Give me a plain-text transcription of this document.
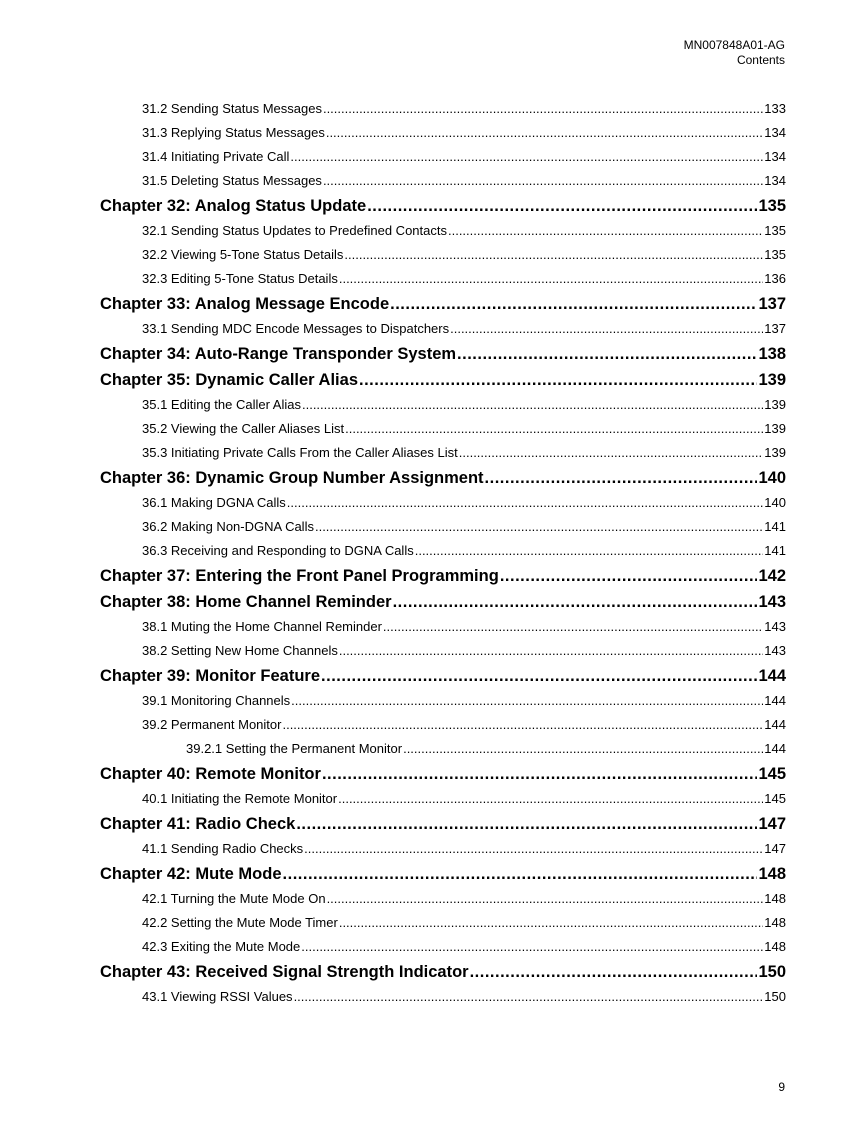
MN007848A01-AG
Contents
31.2 Sending Status Messages .....	133
31.3 Replying Status Messages .....	134
31.4 Initiating Private Call .....	134
31.5 Deleting Status Messages .....	134
Chapter 32: Analog Status Update .....	135
32.1 Sending Status Updates to Predefined Contacts .....	135
32.2 Viewing 5-Tone Status Details .....	135
32.3 Editing 5-Tone Status Details .....	136
Chapter 33: Analog Message Encode .....	137
33.1 Sending MDC Encode Messages to Dispatchers .....	137
Chapter 34: Auto-Range Transponder System .....	138
Chapter 35: Dynamic Caller Alias .....	139
35.1 Editing the Caller Alias .....	139
35.2 Viewing the Caller Aliases List .....	139
35.3 Initiating Private Calls From the Caller Aliases List .....	139
Chapter 36: Dynamic Group Number Assignment .....	140
36.1 Making DGNA Calls .....	140
36.2 Making Non-DGNA Calls .....	141
36.3 Receiving and Responding to DGNA Calls .....	141
Chapter 37: Entering the Front Panel Programming .....	142
Chapter 38: Home Channel Reminder .....	143
38.1 Muting the Home Channel Reminder .....	143
38.2 Setting New Home Channels .....	143
Chapter 39: Monitor Feature .....	144
39.1 Monitoring Channels .....	144
39.2 Permanent Monitor .....	144
39.2.1 Setting the Permanent Monitor .....	144
Chapter 40: Remote Monitor .....	145
40.1 Initiating the Remote Monitor .....	145
Chapter 41: Radio Check .....	147
41.1 Sending Radio Checks .....	147
Chapter 42: Mute Mode .....	148
42.1 Turning the Mute Mode On .....	148
42.2 Setting the Mute Mode Timer .....	148
42.3 Exiting the Mute Mode .....	148
Chapter 43: Received Signal Strength Indicator .....	150
43.1 Viewing RSSI Values .....	150
9
